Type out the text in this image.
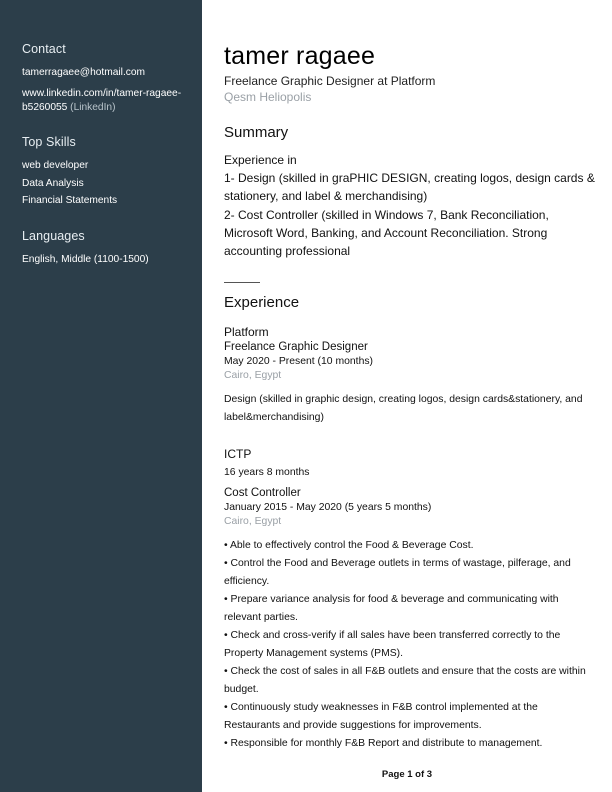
Contact
tamerragaee@hotmail.com
www.linkedin.com/in/tamer-ragaee-
b5260055 (LinkedIn)
Top Skills
web developer
Data Analysis
Financial Statements
Languages
English, Middle (1100-1500)
tamer ragaee
Freelance Graphic Designer at Platform
Qesm Heliopolis
Summary

Experience in

1- Design (skilled in graPHIC DESIGN, creating logos, design cards & stationery, and label & merchandising)

2- Cost Controller (skilled in Windows 7, Bank Reconciliation, Microsoft Word, Banking, and Account Reconciliation. Strong accounting professional

Experience
Platform
Freelance Graphic Designer
May 2020 - Present (10 months)
Cairo, Egypt
Design (skilled in graphic design, creating logos, design cards&stationery, and label&merchandising)
ICTP
16 years 8 months
Cost Controller
January 2015 - May 2020 (5 years 5 months)
Cairo, Egypt
• Able to effectively control the Food & Beverage Cost.
• Control the Food and Beverage outlets in terms of wastage, pilferage, and efficiency.
• Prepare variance analysis for food & beverage and communicating with relevant parties.
• Check and cross-verify if all sales have been transferred correctly to the Property Management systems (PMS).
• Check the cost of sales in all F&B outlets and ensure that the costs are within budget.
• Continuously study weaknesses in F&B control implemented at the Restaurants and provide suggestions for improvements.
• Responsible for monthly F&B Report and distribute to management.
Page 1 of 3
